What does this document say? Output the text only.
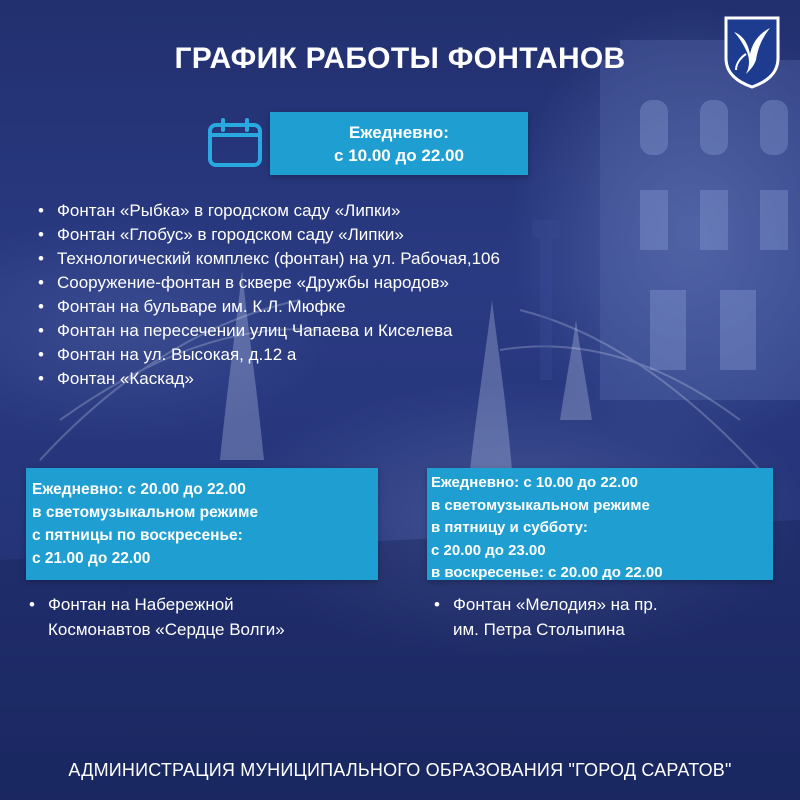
ГРАФИК РАБОТЫ ФОНТАНОВ
Ежедневно:
с 10.00 до 22.00
• Фонтан «Рыбка» в городском саду «Липки»
• Фонтан «Глобус» в городском саду «Липки»
• Технологический комплекс (фонтан) на ул. Рабочая,106
• Сооружение-фонтан в сквере «Дружбы народов»
• Фонтан на бульваре им. К.Л. Мюфке
• Фонтан на пересечении улиц Чапаева и Киселева
• Фонтан на ул. Высокая, д.12 а
• Фонтан «Каскад»
Ежедневно: с 20.00 до 22.00
в светомузыкальном режиме
с пятницы по воскресенье:
с 21.00 до 22.00
Ежедневно: с 10.00 до 22.00
в светомузыкальном режиме
в пятницу и субботу:
с 20.00 до 23.00
в воскресенье: с 20.00 до 22.00
• Фонтан на Набережной
Космонавтов «Сердце Волги»
• Фонтан «Мелодия» на пр.
им. Петра Столыпина
АДМИНИСТРАЦИЯ МУНИЦИПАЛЬНОГО ОБРАЗОВАНИЯ "ГОРОД САРАТОВ"
